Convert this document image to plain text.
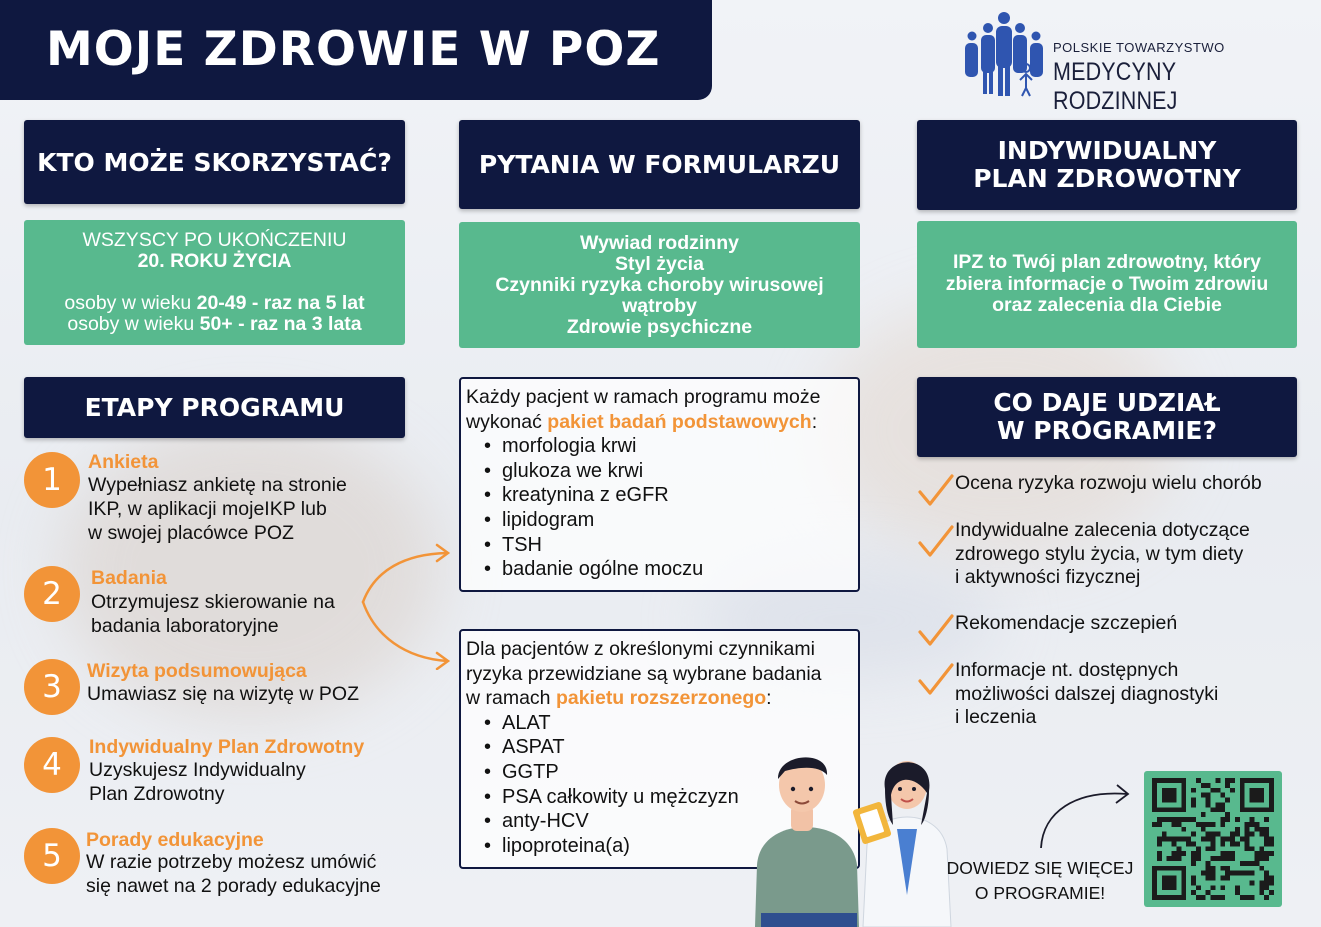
MOJE ZDROWIE W POZ	POLSKIE TOWARZYSTWO
MEDYCYNY RODZINNEJ
KTO MOŻE SKORZYSTAĆ?
WSZYSCY PO UKOŃCZENIU
20. ROKU ŻYCIA
osoby w wieku 20-49 - raz na 5 lat
osoby w wieku 50+ - raz na 3 lata
PYTANIA W FORMULARZU
Wywiad rodzinny
Styl życia
Czynniki ryzyka choroby wirusowej
wątroby
Zdrowie psychiczne
INDYWIDUALNY
PLAN ZDROWOTNY
IPZ to Twój plan zdrowotny, który
zbiera informacje o Twoim zdrowiu
oraz zalecenia dla Ciebie
ETAPY PROGRAMU
1	Ankieta
Wypełniasz ankietę na stronie
IKP, w aplikacji mojeIKP lub
w swojej placówce POZ
2	Badania
Otrzymujesz skierowanie na
badania laboratoryjne
3	Wizyta podsumowująca
Umawiasz się na wizytę w POZ
4	Indywidualny Plan Zdrowotny
Uzyskujesz Indywidualny
Plan Zdrowotny
5	Porady edukacyjne
W razie potrzeby możesz umówić
się nawet na 2 porady edukacyjne

Każdy pacjent w ramach programu może

wykonać pakiet badań podstawowych:

• morfologia krwi
• glukoza we krwi
• kreatynina z eGFR
• lipidogram
• TSH
• badanie ogólne moczu

Dla pacjentów z określonymi czynnikami

ryzyka przewidziane są wybrane badania

w ramach pakietu rozszerzonego:

• ALAT
• ASPAT
• GGTP
• PSA całkowity u mężczyzn
• anty-HCV
• lipoproteina(a)
CO DAJE UDZIAŁ
W PROGRAMIE?
Ocena ryzyka rozwoju wielu chorób
Indywidualne zalecenia dotyczące
zdrowego stylu życia, w tym diety
i aktywności fizycznej
Rekomendacje szczepień
Informacje nt. dostępnych
możliwości dalszej diagnostyki
i leczenia
DOWIEDZ SIĘ WIĘCEJ
O PROGRAMIE!
